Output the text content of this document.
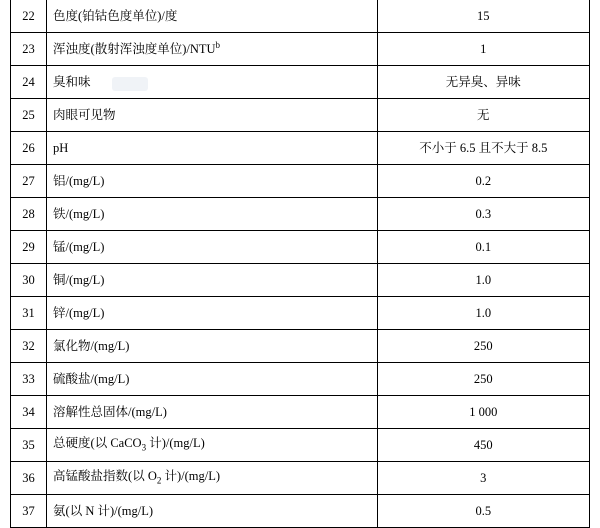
22	色度(铂钴色度单位)/度	15
23	浑浊度(散射浑浊度单位)/NTU$^b$	1
24	臭和味	无异臭、异味
25	肉眼可见物	无
26	pH	不小于 6.5 且不大于 8.5
27	铝/(mg/L)	0.2
28	铁/(mg/L)	0.3
29	锰/(mg/L)	0.1
30	铜/(mg/L)	1.0
31	锌/(mg/L)	1.0
32	氯化物/(mg/L)	250
33	硫酸盐/(mg/L)	250
34	溶解性总固体/(mg/L)	1 000
35	总硬度(以 CaCO$_3$ 计)/(mg/L)	450
36	高锰酸盐指数(以 $O_2$ 计)/(mg/L)	3
37	氨(以 N 计)/(mg/L)	0.5
